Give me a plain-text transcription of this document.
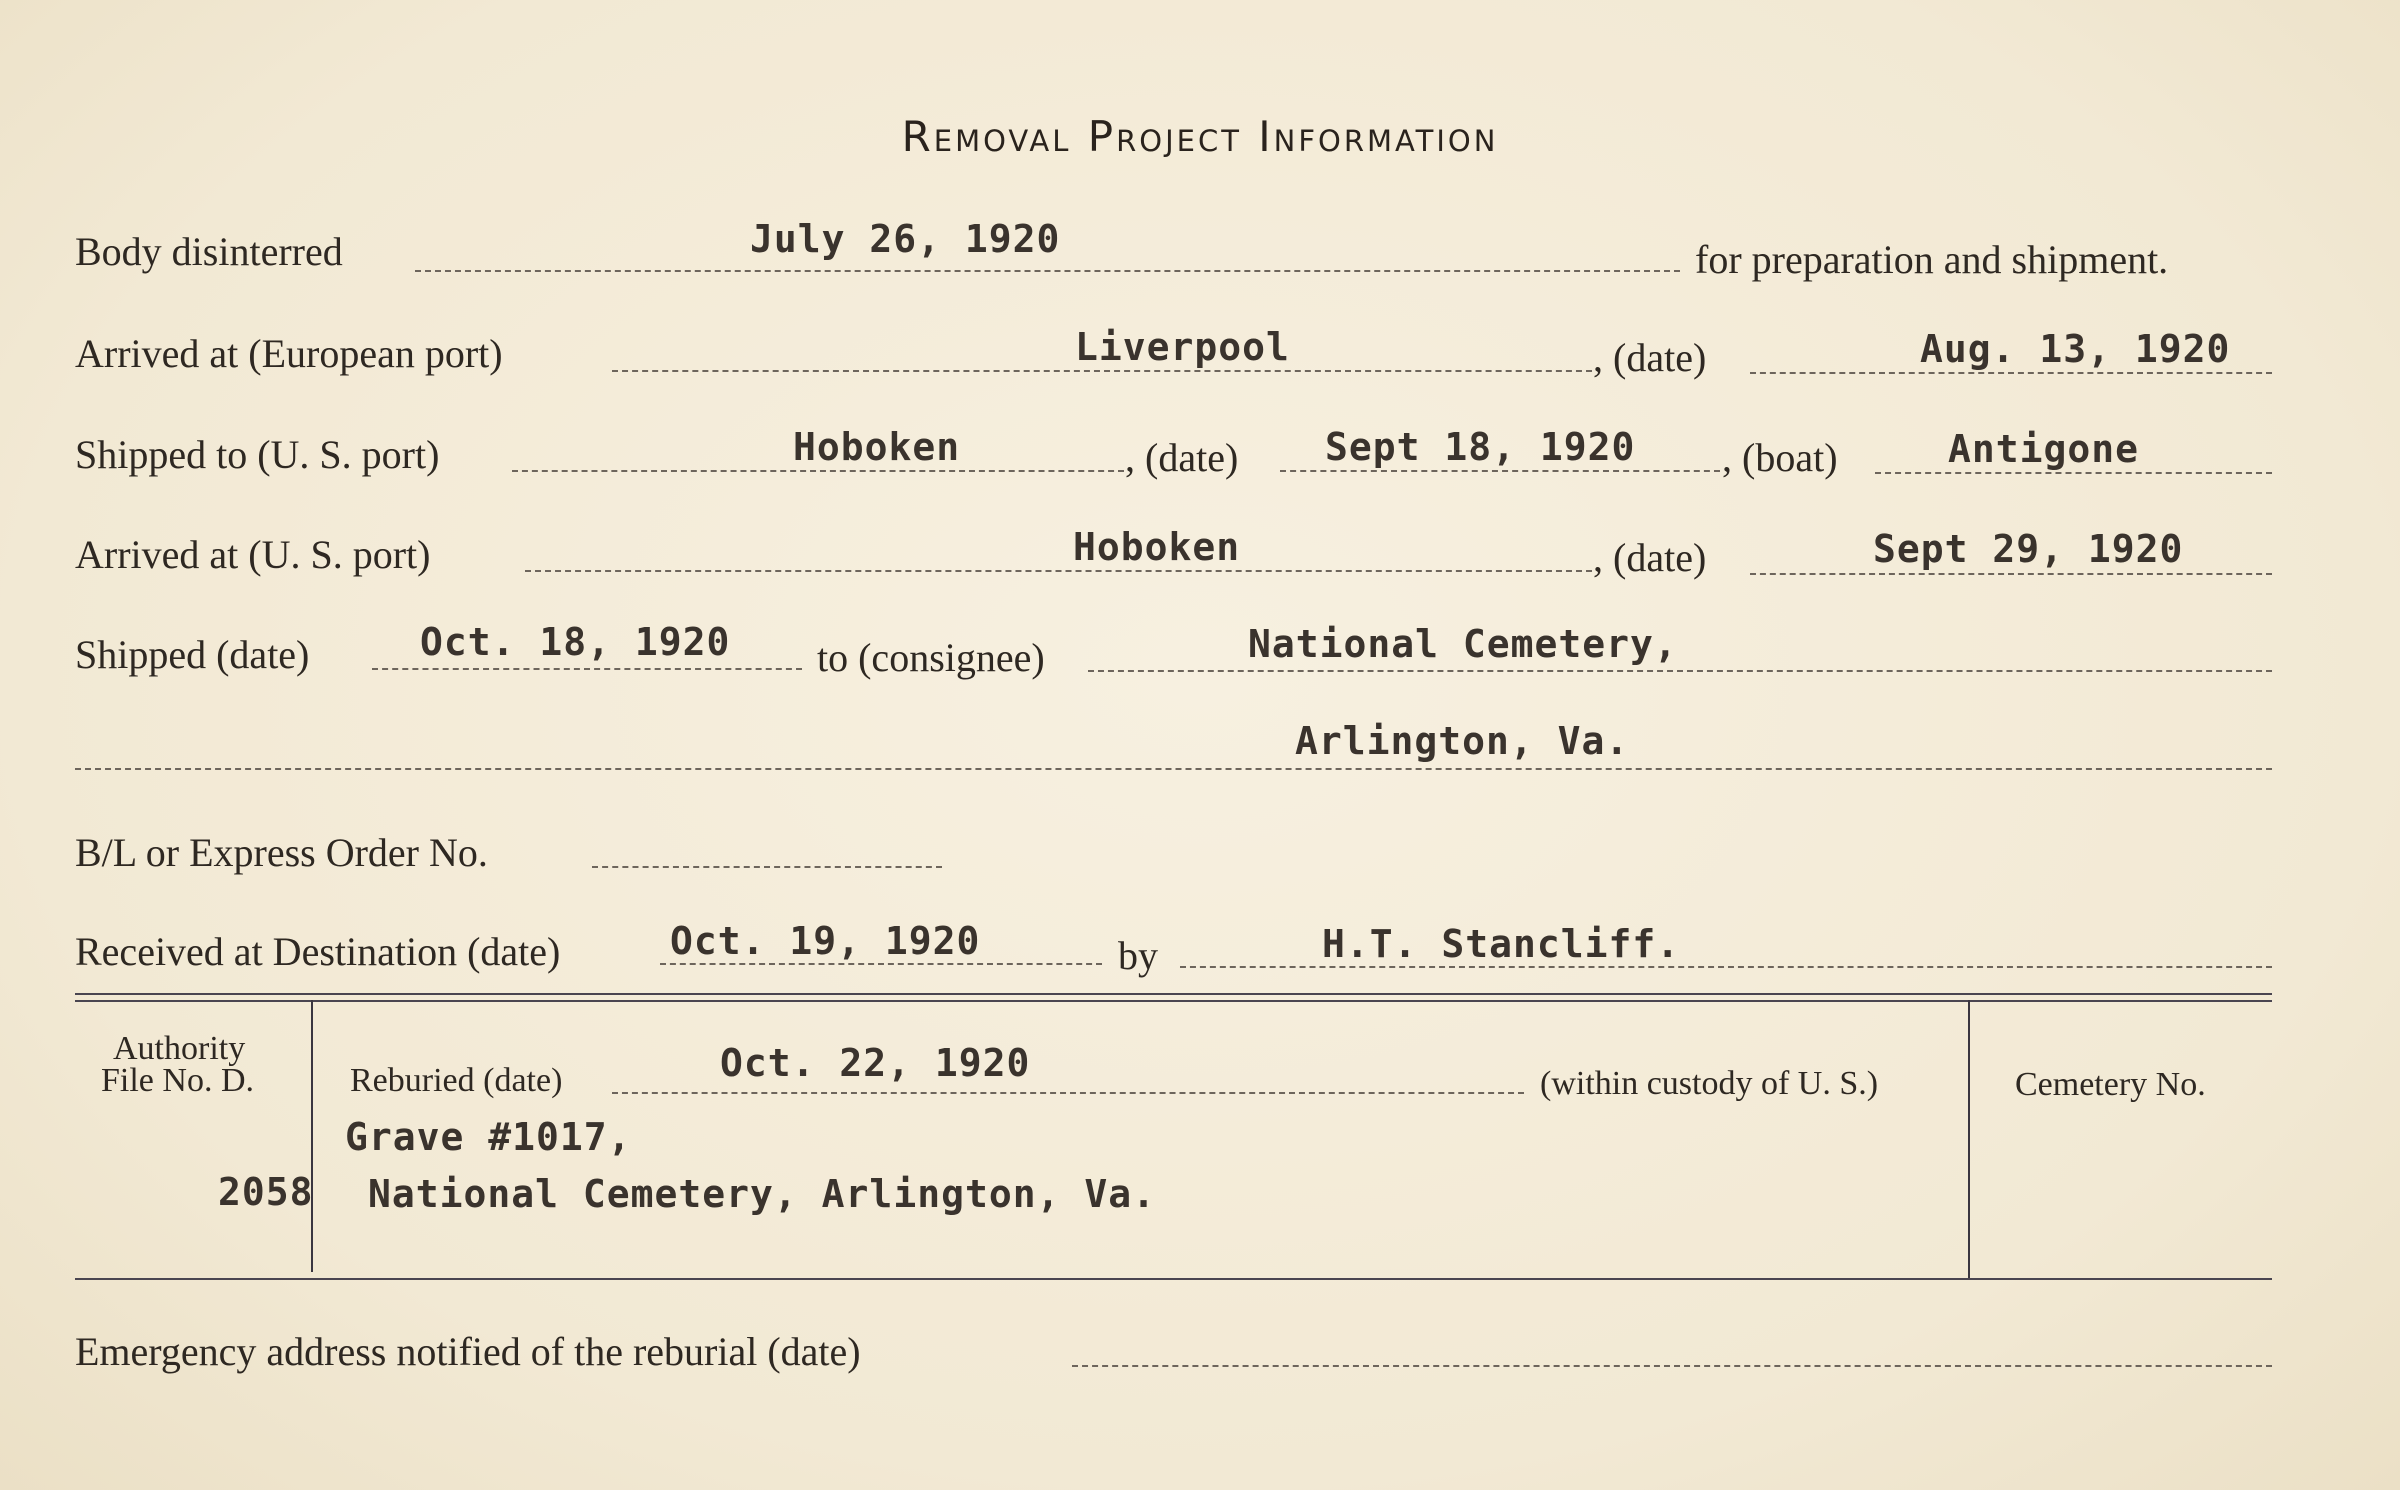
Removal Project Information
Body disinterred	July 26, 1920	for preparation and shipment.
Arrived at (European port)	Liverpool	, (date)	Aug. 13, 1920
Shipped to (U. S. port)	Hoboken	, (date) Sept 18, 1920 , (boat)	Antigone
Arrived at (U. S. port)	Hoboken	, (date)	Sept 29, 1920
Shipped (date)	Oct. 18, 1920 to (consignee)	National Cemetery,
Arlington, Va.
B/L or Express Order No.
Received at Destination (date)	Oct. 19, 1920	by	H.T. Stancliff.
Authority
File No. D.
2058
Reburied (date)	Oct. 22, 1920	(within custody of U. S.)
Grave #1017,
National Cemetery, Arlington, Va.
Cemetery No.
Emergency address notified of the reburial (date)
